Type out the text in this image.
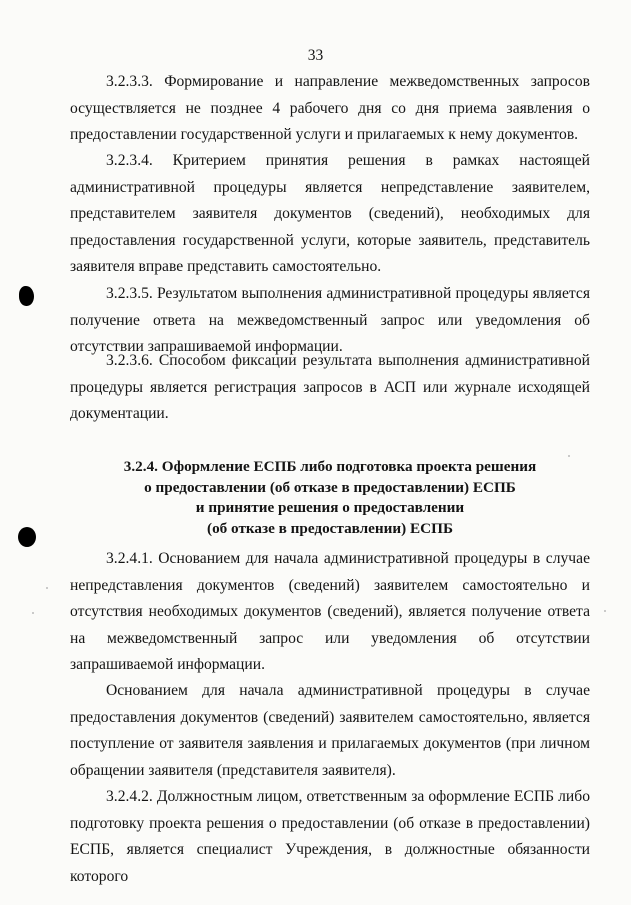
33

3.2.3.3. Формирование и направление межведомственных запросов осуществляется не позднее 4 рабочего дня со дня приема заявления о предоставлении государственной услуги и прилагаемых к нему документов.

3.2.3.4. Критерием принятия решения в рамках настоящей административной процедуры является непредставление заявителем, представителем заявителя документов (сведений), необходимых для предоставления государственной услуги, которые заявитель, представитель заявителя вправе представить самостоятельно.

3.2.3.5. Результатом выполнения административной процедуры является получение ответа на межведомственный запрос или уведомления об отсутствии запрашиваемой информации.

3.2.3.6. Способом фиксации результата выполнения административной процедуры является регистрация запросов в АСП или журнале исходящей документации.

3.2.4. Оформление ЕСПБ либо подготовка проекта решения
о предоставлении (об отказе в предоставлении) ЕСПБ
и принятие решения о предоставлении
(об отказе в предоставлении) ЕСПБ

3.2.4.1. Основанием для начала административной процедуры в случае непредставления документов (сведений) заявителем самостоятельно и отсутствия необходимых документов (сведений), является получение ответа на межведомственный запрос или уведомления об отсутствии запрашиваемой информации.

Основанием для начала административной процедуры в случае предоставления документов (сведений) заявителем самостоятельно, является поступление от заявителя заявления и прилагаемых документов (при личном обращении заявителя (представителя заявителя).

3.2.4.2. Должностным лицом, ответственным за оформление ЕСПБ либо подготовку проекта решения о предоставлении (об отказе в предоставлении) ЕСПБ, является специалист Учреждения, в должностные обязанности которого
